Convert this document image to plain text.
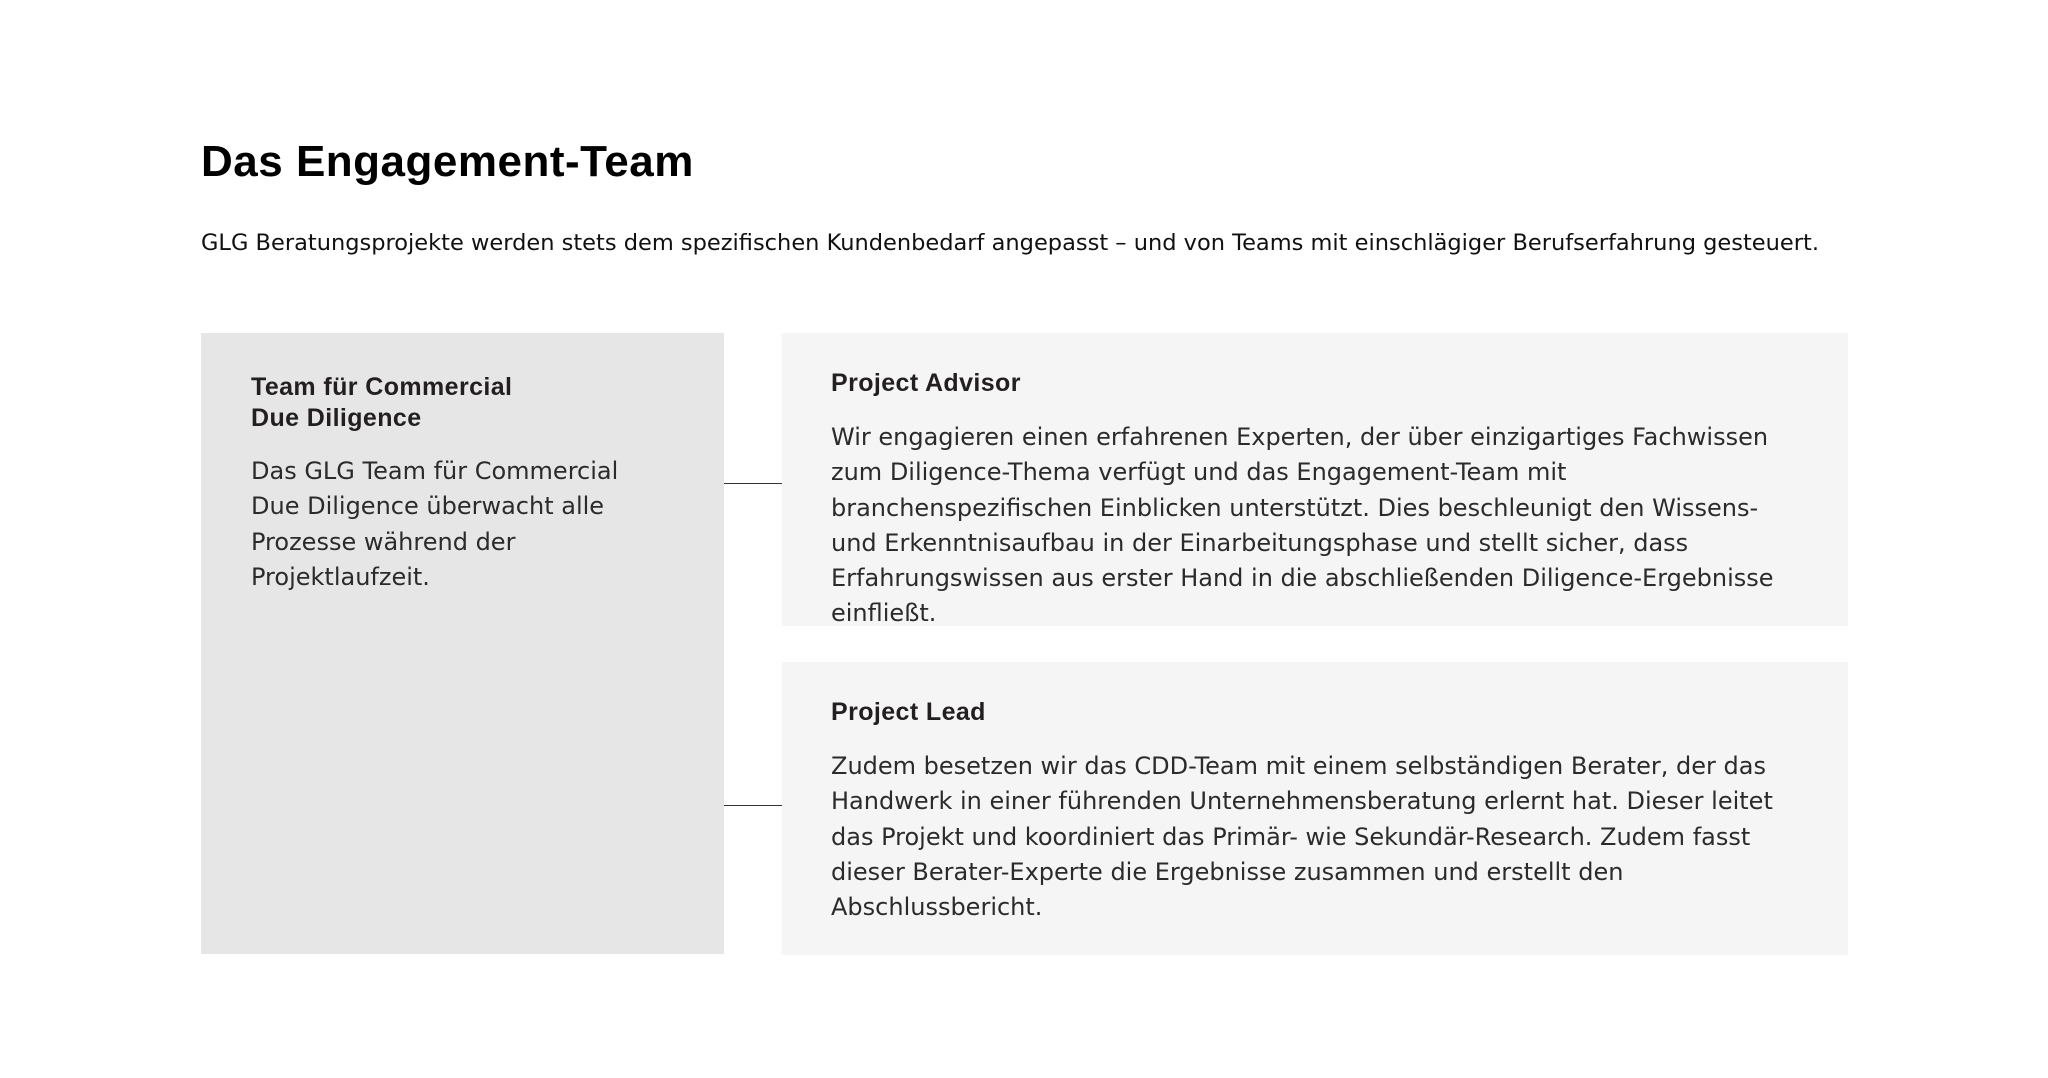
Das Engagement-Team

GLG Beratungsprojekte werden stets dem spezifischen Kundenbedarf angepasst – und von Teams mit einschlägiger Berufserfahrung gesteuert.

Team für Commercial
Due Diligence

Das GLG Team für Commercial Due Diligence überwacht alle Prozesse während der Projektlaufzeit.

Project Advisor

Wir engagieren einen erfahrenen Experten, der über einzigartiges Fachwissen zum Diligence-Thema verfügt und das Engagement-Team mit branchenspezifischen Einblicken unterstützt. Dies beschleunigt den Wissens- und Erkenntnisaufbau in der Einarbeitungsphase und stellt sicher, dass Erfahrungswissen aus erster Hand in die abschließenden Diligence-Ergebnisse einfließt.

Project Lead

Zudem besetzen wir das CDD-Team mit einem selbständigen Berater, der das Handwerk in einer führenden Unternehmensberatung erlernt hat. Dieser leitet das Projekt und koordiniert das Primär- wie Sekundär-Research. Zudem fasst dieser Berater-Experte die Ergebnisse zusammen und erstellt den Abschlussbericht.
